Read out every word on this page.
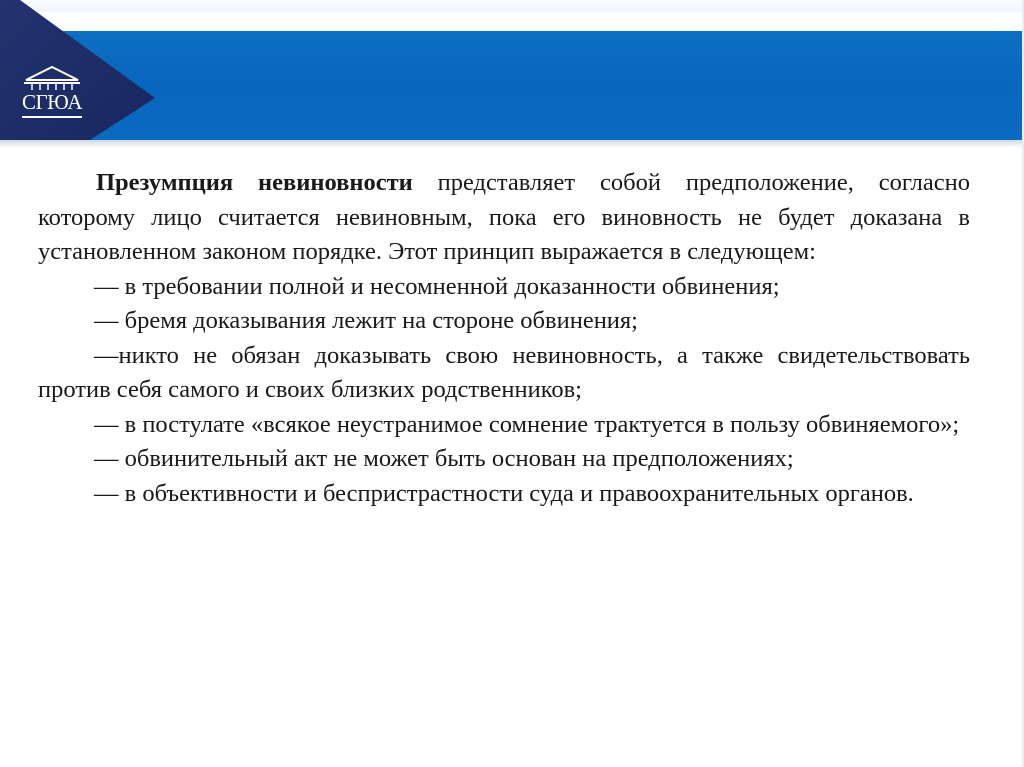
СГЮА

Презумпция невиновности представляет собой предположение, согласно которому лицо считается невиновным, пока его виновность не будет доказана в установленном законом порядке. Этот принцип выражается в следующем:

— в требовании полной и несомненной доказанности обвинения;

— бремя доказывания лежит на стороне обвинения;

—никто не обязан доказывать свою невиновность, а также свидетельствовать против себя самого и своих близких родственников;

— в постулате «всякое неустранимое сомнение трактуется в пользу обвиняемого»;

— обвинительный акт не может быть основан на предположениях;

— в объективности и беспристрастности суда и правоохранительных органов.
